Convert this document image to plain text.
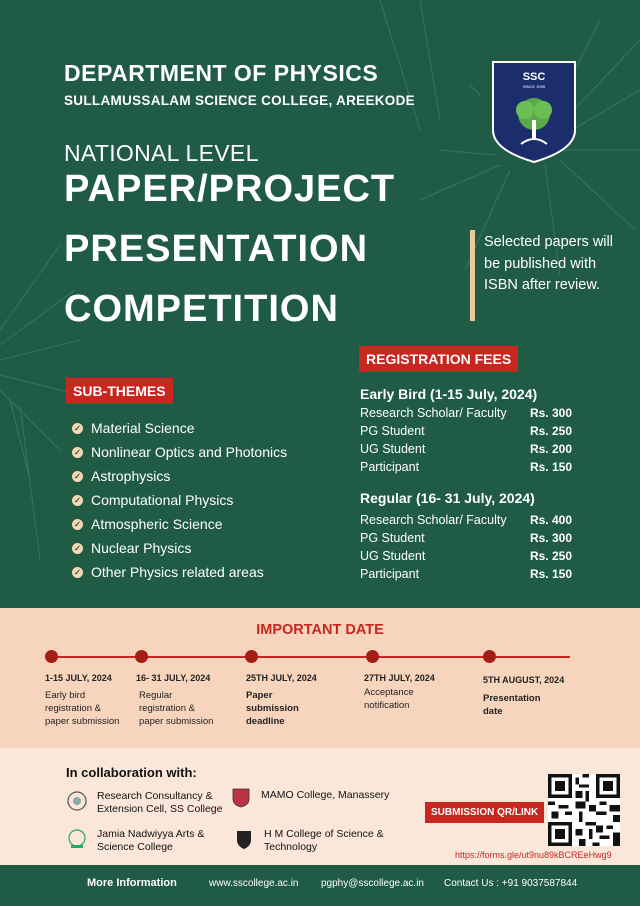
DEPARTMENT OF PHYSICS
SULLAMUSSALAM SCIENCE COLLEGE, AREEKODE
NATIONAL LEVEL
PAPER/PROJECT
PRESENTATION
COMPETITION
SSC
SINCE 1995
Selected papers will be published with ISBN after review.
SUB-THEMES
✓ Material Science
✓ Nonlinear Optics and Photonics
✓ Astrophysics
✓ Computational Physics
✓ Atmospheric Science
✓ Nuclear Physics
✓ Other Physics related areas
REGISTRATION FEES
Early Bird (1-15 July, 2024)
Research Scholar/ Faculty Rs. 300
PG Student	Rs. 250
UG Student	Rs. 200
Participant	Rs. 150
Regular (16- 31 July, 2024)
Research Scholar/ Faculty Rs. 400
PG Student	Rs. 300
UG Student	Rs. 250
Participant	Rs. 150
IMPORTANT DATE
1-15 JULY, 2024
Early bird
registration &
paper submission
16- 31 JULY, 2024
Regular
registration &
paper submission
25TH JULY, 2024
Paper
submission
deadline
27TH JULY, 2024
Acceptance
notification
5TH AUGUST, 2024
Presentation
date
In collaboration with:
Research Consultancy & Extension Cell, SS College
MAMO College, Manassery
Jamia Nadwiyya Arts & Science College
H M College of Science & Technology
SUBMISSION QR/LINK
https://forms.gle/ut9nu89kBCREeHwg9
More Information	www.sscollege.ac.in pgphy@sscollege.ac.in Contact Us : +91 9037587844
